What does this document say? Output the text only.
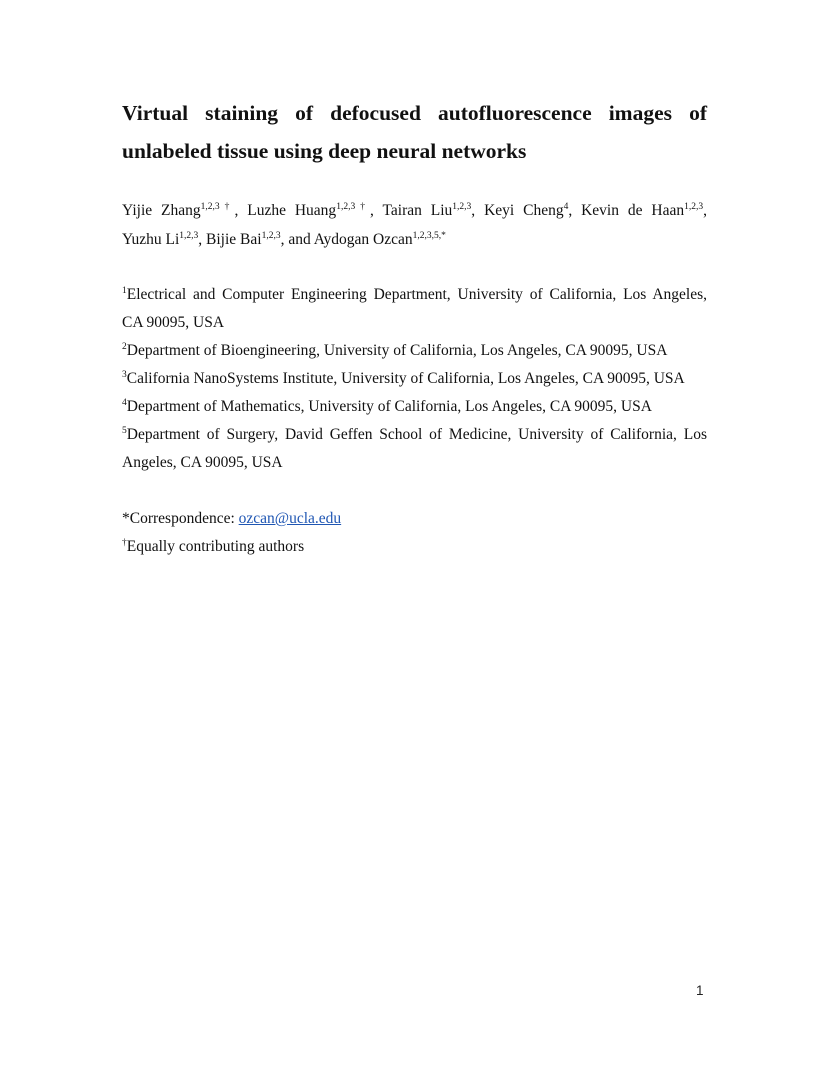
Virtual staining of defocused autofluorescence images of
unlabeled tissue using deep neural networks
Yijie Zhang$^{1,2,3\dagger}$, Luzhe Huang$^{1,2,3\dagger}$, Tairan Liu$^{1,2,3}$, Keyi Cheng$^4$, Kevin de Haan$^{1,2,3}$,
Yuzhu Li$^{1,2,3}$, Bijie Bai$^{1,2,3}$, and Aydogan Ozcan$^{1,2,3,5,*}$
$^1$Electrical and Computer Engineering Department, University of California, Los Angeles,
CA 90095, USA
$^2$Department of Bioengineering, University of California, Los Angeles, CA 90095, USA
$^3$California NanoSystems Institute, University of California, Los Angeles, CA 90095, USA
$^4$Department of Mathematics, University of California, Los Angeles, CA 90095, USA
$^5$Department of Surgery, David Geffen School of Medicine, University of California, Los
Angeles, CA 90095, USA
*Correspondence: ozcan@ucla.edu
†Equally contributing authors
1
